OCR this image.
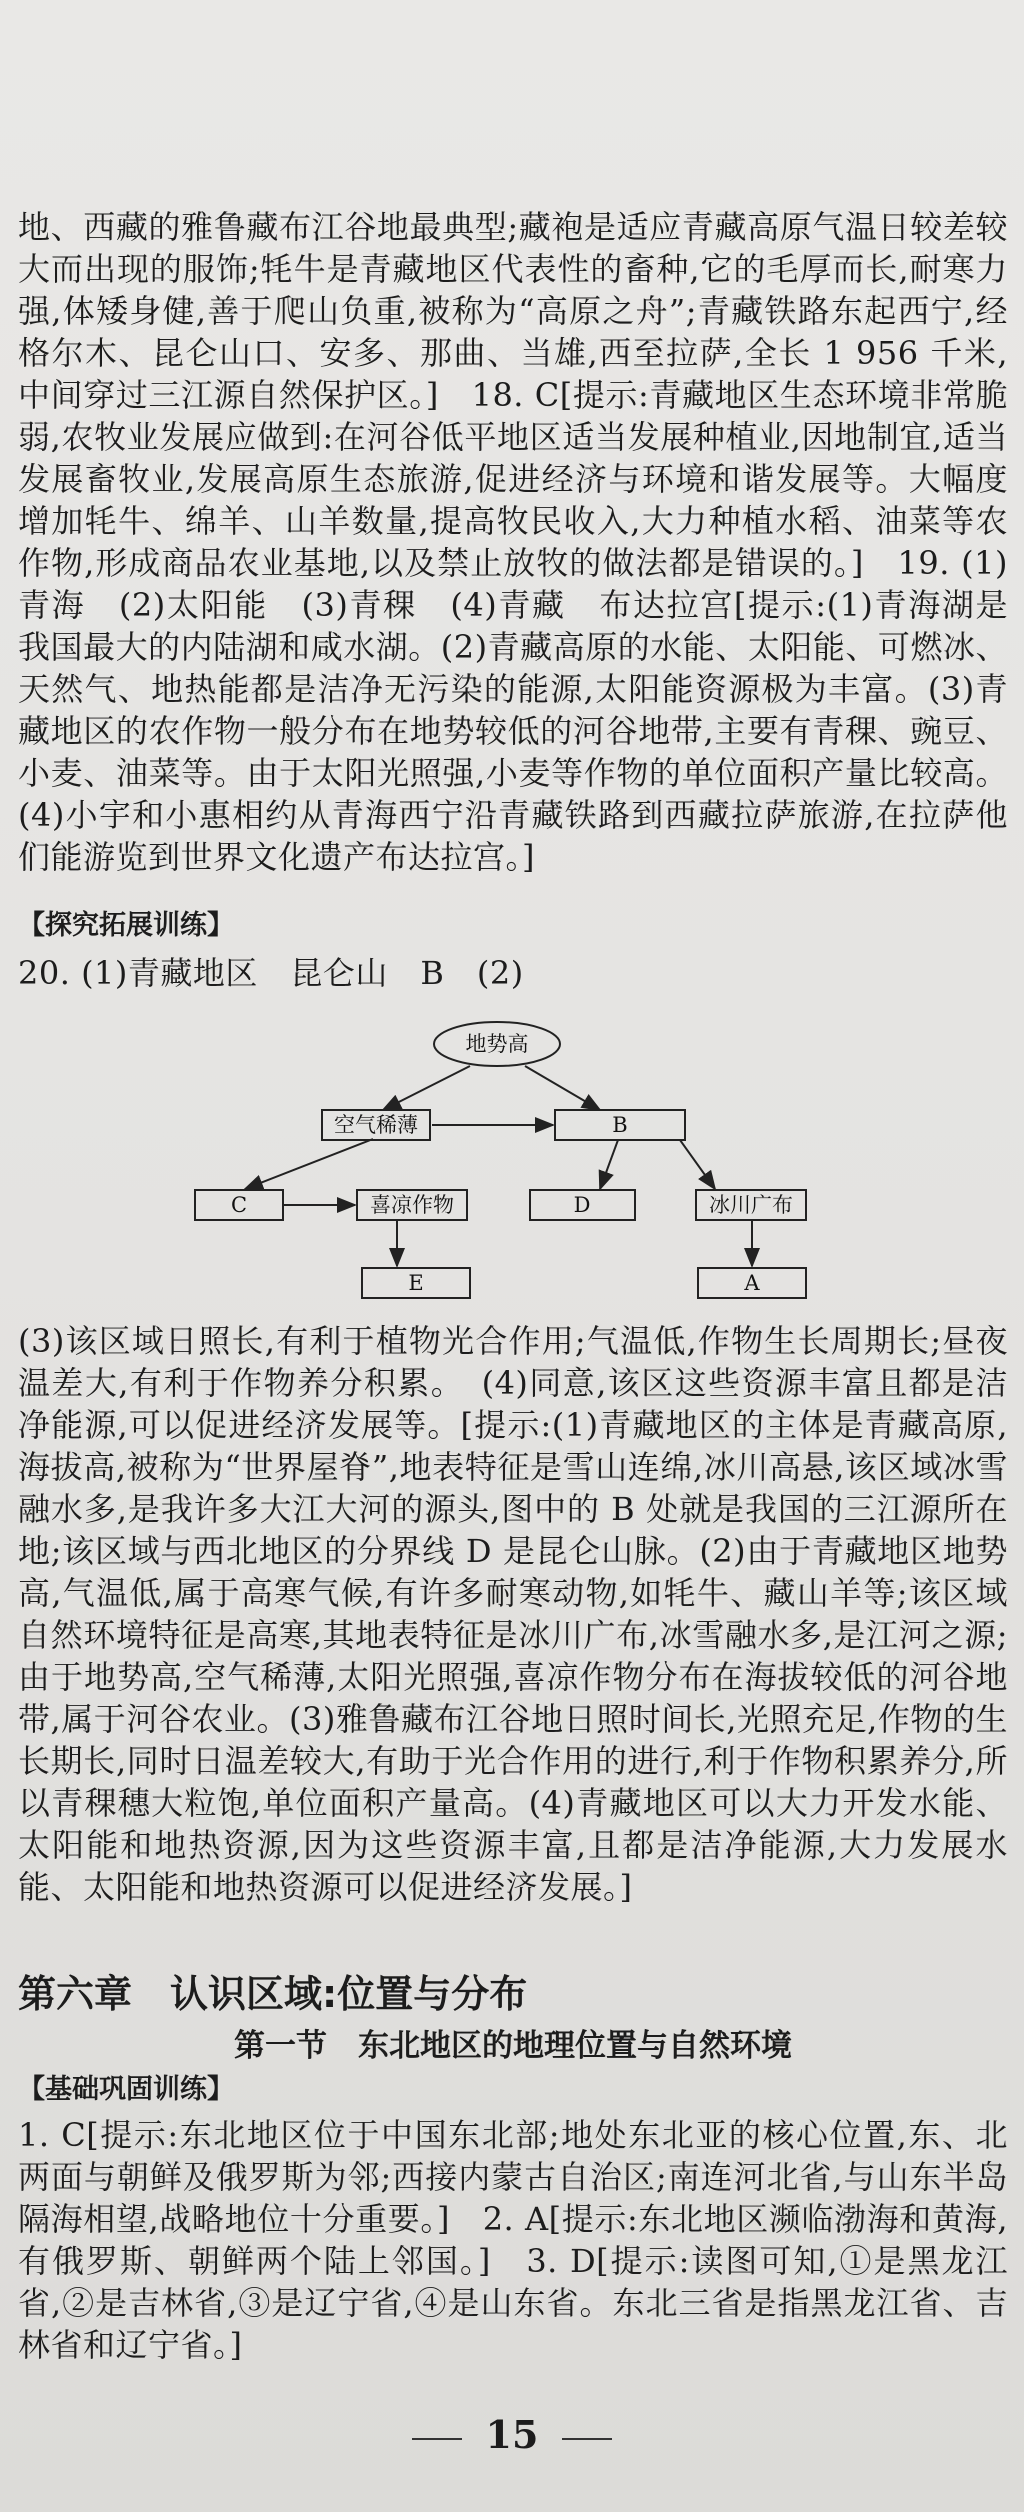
地、西藏的雅鲁藏布江谷地最典型;藏袍是适应青藏高原气温日较差较大而出现的服饰;牦牛是青藏地区代表性的畜种,它的毛厚而长,耐寒力强,体矮身健,善于爬山负重,被称为“高原之舟”;青藏铁路东起西宁,经格尔木、昆仑山口、安多、那曲、当雄,西至拉萨,全长 1 956 千米,中间穿过三江源自然保护区。]　18. C[提示:青藏地区生态环境非常脆弱,农牧业发展应做到:在河谷低平地区适当发展种植业,因地制宜,适当发展畜牧业,发展高原生态旅游,促进经济与环境和谐发展等。大幅度增加牦牛、绵羊、山羊数量,提高牧民收入,大力种植水稻、油菜等农作物,形成商品农业基地,以及禁止放牧的做法都是错误的。]　19. (1)青海　(2)太阳能　(3)青稞　(4)青藏　布达拉宫[提示:(1)青海湖是我国最大的内陆湖和咸水湖。(2)青藏高原的水能、太阳能、可燃冰、天然气、地热能都是洁净无污染的能源,太阳能资源极为丰富。(3)青藏地区的农作物一般分布在地势较低的河谷地带,主要有青稞、豌豆、小麦、油菜等。由于太阳光照强,小麦等作物的单位面积产量比较高。(4)小宇和小惠相约从青海西宁沿青藏铁路到西藏拉萨旅游,在拉萨他们能游览到世界文化遗产布达拉宫。]

【探究拓展训练】

20. (1)青藏地区　昆仑山　B　(2)

地势高
空气稀薄	B
C	喜凉作物	D	冰川广布
E	A

(3)该区域日照长,有利于植物光合作用;气温低,作物生长周期长;昼夜温差大,有利于作物养分积累。　(4)同意,该区这些资源丰富且都是洁净能源,可以促进经济发展等。[提示:(1)青藏地区的主体是青藏高原,海拔高,被称为“世界屋脊”,地表特征是雪山连绵,冰川高悬,该区域冰雪融水多,是我许多大江大河的源头,图中的 B 处就是我国的三江源所在地;该区域与西北地区的分界线 D 是昆仑山脉。(2)由于青藏地区地势高,气温低,属于高寒气候,有许多耐寒动物,如牦牛、藏山羊等;该区域自然环境特征是高寒,其地表特征是冰川广布,冰雪融水多,是江河之源;由于地势高,空气稀薄,太阳光照强,喜凉作物分布在海拔较低的河谷地带,属于河谷农业。(3)雅鲁藏布江谷地日照时间长,光照充足,作物的生长期长,同时日温差较大,有助于光合作用的进行,利于作物积累养分,所以青稞穗大粒饱,单位面积产量高。(4)青藏地区可以大力开发水能、太阳能和地热资源,因为这些资源丰富,且都是洁净能源,大力发展水能、太阳能和地热资源可以促进经济发展。]

第六章　认识区域:位置与分布

第一节　东北地区的地理位置与自然环境

【基础巩固训练】

1. C[提示:东北地区位于中国东北部;地处东北亚的核心位置,东、北两面与朝鲜及俄罗斯为邻;西接内蒙古自治区;南连河北省,与山东半岛隔海相望,战略地位十分重要。]　2. A[提示:东北地区濒临渤海和黄海,有俄罗斯、朝鲜两个陆上邻国。]　3. D[提示:读图可知,①是黑龙江省,②是吉林省,③是辽宁省,④是山东省。东北三省是指黑龙江省、吉林省和辽宁省。]

15
